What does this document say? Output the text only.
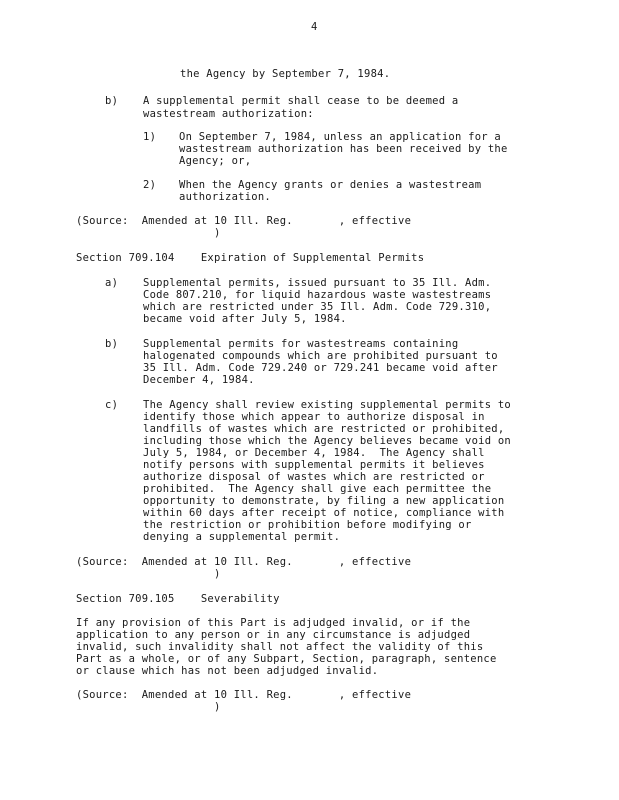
4
the Agency by September 7, 1984.
b) A supplemental permit shall cease to be deemed a
wastestream authorization:
1) On September 7, 1984, unless an application for a
wastestream authorization has been received by the
Agency; or,
2) When the Agency grants or denies a wastestream
authorization.
(Source:  Amended at 10 Ill. Reg.       , effective
)
Section 709.104    Expiration of Supplemental Permits
a) Supplemental permits, issued pursuant to 35 Ill. Adm.
Code 807.210, for liquid hazardous waste wastestreams
which are restricted under 35 Ill. Adm. Code 729.310,
became void after July 5, 1984.
b) Supplemental permits for wastestreams containing
halogenated compounds which are prohibited pursuant to
35 Ill. Adm. Code 729.240 or 729.241 became void after
December 4, 1984.
c) The Agency shall review existing supplemental permits to
identify those which appear to authorize disposal in
landfills of wastes which are restricted or prohibited,
including those which the Agency believes became void on
July 5, 1984, or December 4, 1984.  The Agency shall
notify persons with supplemental permits it believes
authorize disposal of wastes which are restricted or
prohibited.  The Agency shall give each permittee the
opportunity to demonstrate, by filing a new application
within 60 days after receipt of notice, compliance with
the restriction or prohibition before modifying or
denying a supplemental permit.
(Source:  Amended at 10 Ill. Reg.       , effective
)
Section 709.105    Severability
If any provision of this Part is adjudged invalid, or if the
application to any person or in any circumstance is adjudged
invalid, such invalidity shall not affect the validity of this
Part as a whole, or of any Subpart, Section, paragraph, sentence
or clause which has not been adjudged invalid.
(Source:  Amended at 10 Ill. Reg.       , effective
)
